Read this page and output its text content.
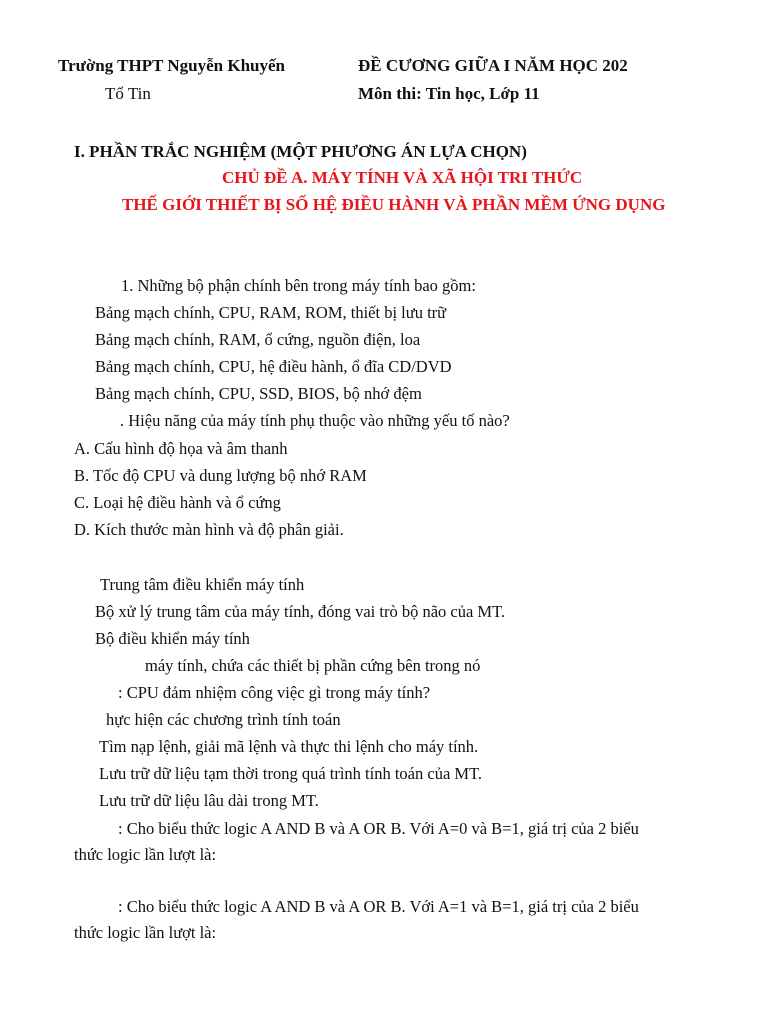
Trường THPT Nguyễn Khuyến
Tổ Tin
ĐỀ CƯƠNG GIỮA I NĂM HỌC 202
Môn thi: Tin học, Lớp 11
I. PHẦN TRẮC NGHIỆM (MỘT PHƯƠNG ÁN LỰA CHỌN)
CHỦ ĐỀ A. MÁY TÍNH VÀ XÃ HỘI TRI THỨC
THẾ GIỚI THIẾT BỊ SỐ HỆ ĐIỀU HÀNH VÀ PHẦN MỀM ỨNG DỤNG
1. Những bộ phận chính bên trong máy tính bao gồm:
Bảng mạch chính, CPU, RAM, ROM, thiết bị lưu trữ
Bảng mạch chính, RAM, ổ cứng, nguồn điện, loa
Bảng mạch chính, CPU, hệ điều hành, ổ đĩa CD/DVD
Bảng mạch chính, CPU, SSD, BIOS, bộ nhớ đệm
. Hiệu năng của máy tính phụ thuộc vào những yếu tố nào?
A. Cấu hình độ họa và âm thanh
B. Tốc độ CPU và dung lượng bộ nhớ RAM
C. Loại hệ điều hành và ổ cứng
D. Kích thước màn hình và độ phân giải.
Trung tâm điều khiển máy tính
Bộ xử lý trung tâm của máy tính, đóng vai trò bộ não của MT.
Bộ điều khiển máy tính
máy tính, chứa các thiết bị phần cứng bên trong nó
: CPU đảm nhiệm công việc gì trong máy tính?
hực hiện các chương trình tính toán
Tìm nạp lệnh, giải mã lệnh và thực thi lệnh cho máy tính.
Lưu trữ dữ liệu tạm thời trong quá trình tính toán của MT.
Lưu trữ dữ liệu lâu dài trong MT.
: Cho biểu thức logic A AND B và A OR B. Với A=0 và B=1, giá trị của 2 biểu
thức logic lần lượt là:
: Cho biểu thức logic A AND B và A OR B. Với A=1 và B=1, giá trị của 2 biểu
thức logic lần lượt là:
